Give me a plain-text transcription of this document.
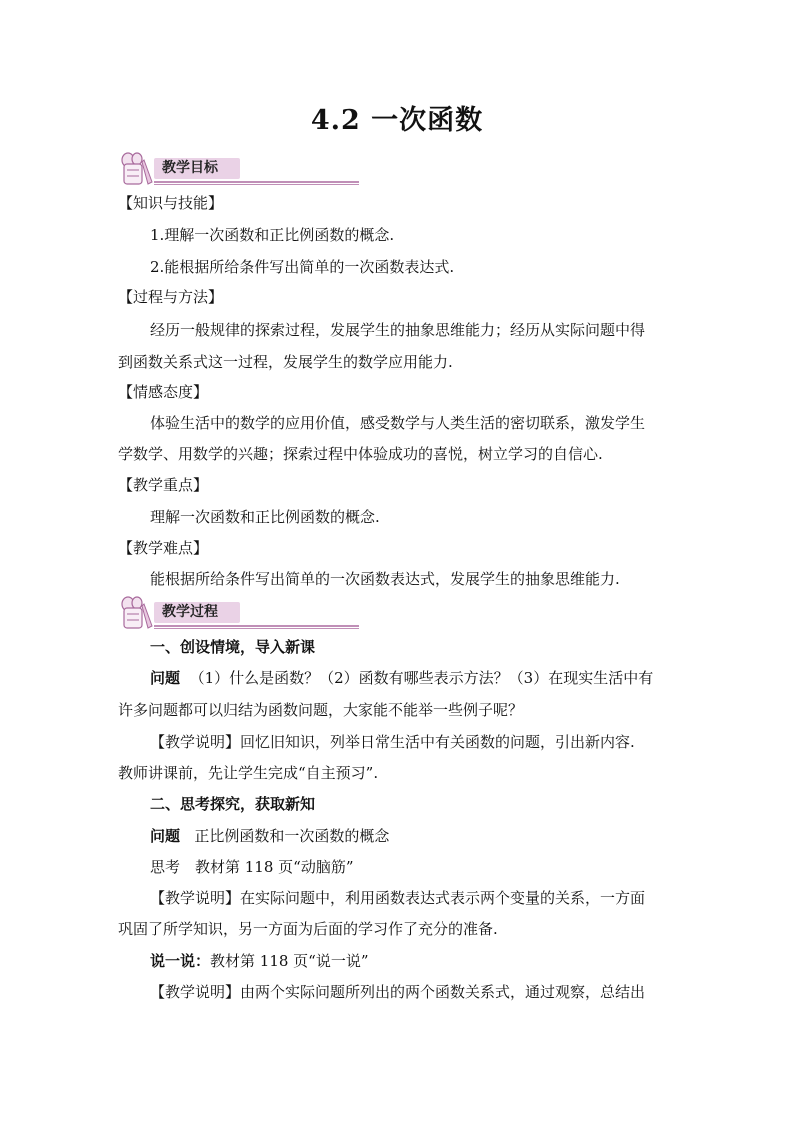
4.2 一次函数
教学目标
【知识与技能】
1.理解一次函数和正比例函数的概念.
2.能根据所给条件写出简单的一次函数表达式.
【过程与方法】
经历一般规律的探索过程，发展学生的抽象思维能力；经历从实际问题中得
到函数关系式这一过程，发展学生的数学应用能力.
【情感态度】
体验生活中的数学的应用价值，感受数学与人类生活的密切联系，激发学生
学数学、用数学的兴趣；探索过程中体验成功的喜悦，树立学习的自信心.
【教学重点】
理解一次函数和正比例函数的概念.
【教学难点】
能根据所给条件写出简单的一次函数表达式，发展学生的抽象思维能力.
教学过程
一、创设情境，导入新课
问题 （1）什么是函数？（2）函数有哪些表示方法？（3）在现实生活中有
许多问题都可以归结为函数问题，大家能不能举一些例子呢？
【教学说明】回忆旧知识，列举日常生活中有关函数的问题，引出新内容.
教师讲课前，先让学生完成“自主预习”.
二、思考探究，获取新知
问题 正比例函数和一次函数的概念
思考　教材第 118 页“动脑筋”
【教学说明】在实际问题中，利用函数表达式表示两个变量的关系，一方面
巩固了所学知识，另一方面为后面的学习作了充分的准备.
说一说：教材第 118 页“说一说”
【教学说明】由两个实际问题所列出的两个函数关系式，通过观察，总结出
